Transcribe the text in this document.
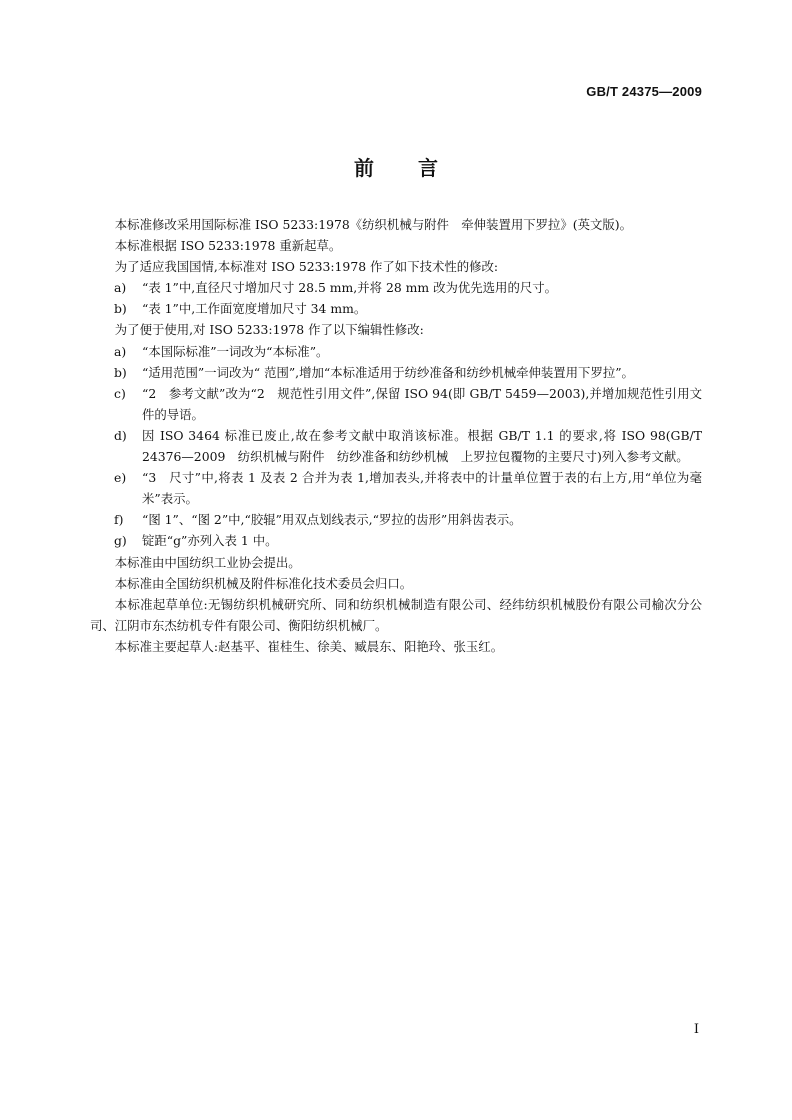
GB/T 24375—2009
前言

本标准修改采用国际标准 ISO 5233:1978《纺织机械与附件　牵伸装置用下罗拉》(英文版)。

本标准根据 ISO 5233:1978 重新起草。

为了适应我国国情,本标准对 ISO 5233:1978 作了如下技术性的修改:

a)	“表 1”中,直径尺寸增加尺寸 28.5 mm,并将 28 mm 改为优先选用的尺寸。
b)	“表 1”中,工作面宽度增加尺寸 34 mm。

为了便于使用,对 ISO 5233:1978 作了以下编辑性修改:

a)	“本国际标准”一词改为“本标准”。
b)	“适用范围”一词改为“ 范围”,增加“本标准适用于纺纱准备和纺纱机械牵伸装置用下罗拉”。
c)	“2　参考文献”改为“2　规范性引用文件”,保留 ISO 94(即 GB/T 5459—2003),并增加规范性引用文件的导语。
d)	因 ISO 3464 标准已废止,故在参考文献中取消该标准。根据 GB/T 1.1 的要求,将 ISO 98(GB/T 24376—2009　纺织机械与附件　纺纱准备和纺纱机械　上罗拉包覆物的主要尺寸)列入参考文献。
e)	“3　尺寸”中,将表 1 及表 2 合并为表 1,增加表头,并将表中的计量单位置于表的右上方,用“单位为毫米”表示。
f)	“图 1”、“图 2”中,“胶辊”用双点划线表示,“罗拉的齿形”用斜齿表示。
g)	锭距“g”亦列入表 1 中。

本标准由中国纺织工业协会提出。

本标准由全国纺织机械及附件标准化技术委员会归口。

本标准起草单位:无锡纺织机械研究所、同和纺织机械制造有限公司、经纬纺织机械股份有限公司榆次分公司、江阴市东杰纺机专件有限公司、衡阳纺织机械厂。

本标准主要起草人:赵基平、崔桂生、徐美、臧晨东、阳艳玲、张玉红。

I
